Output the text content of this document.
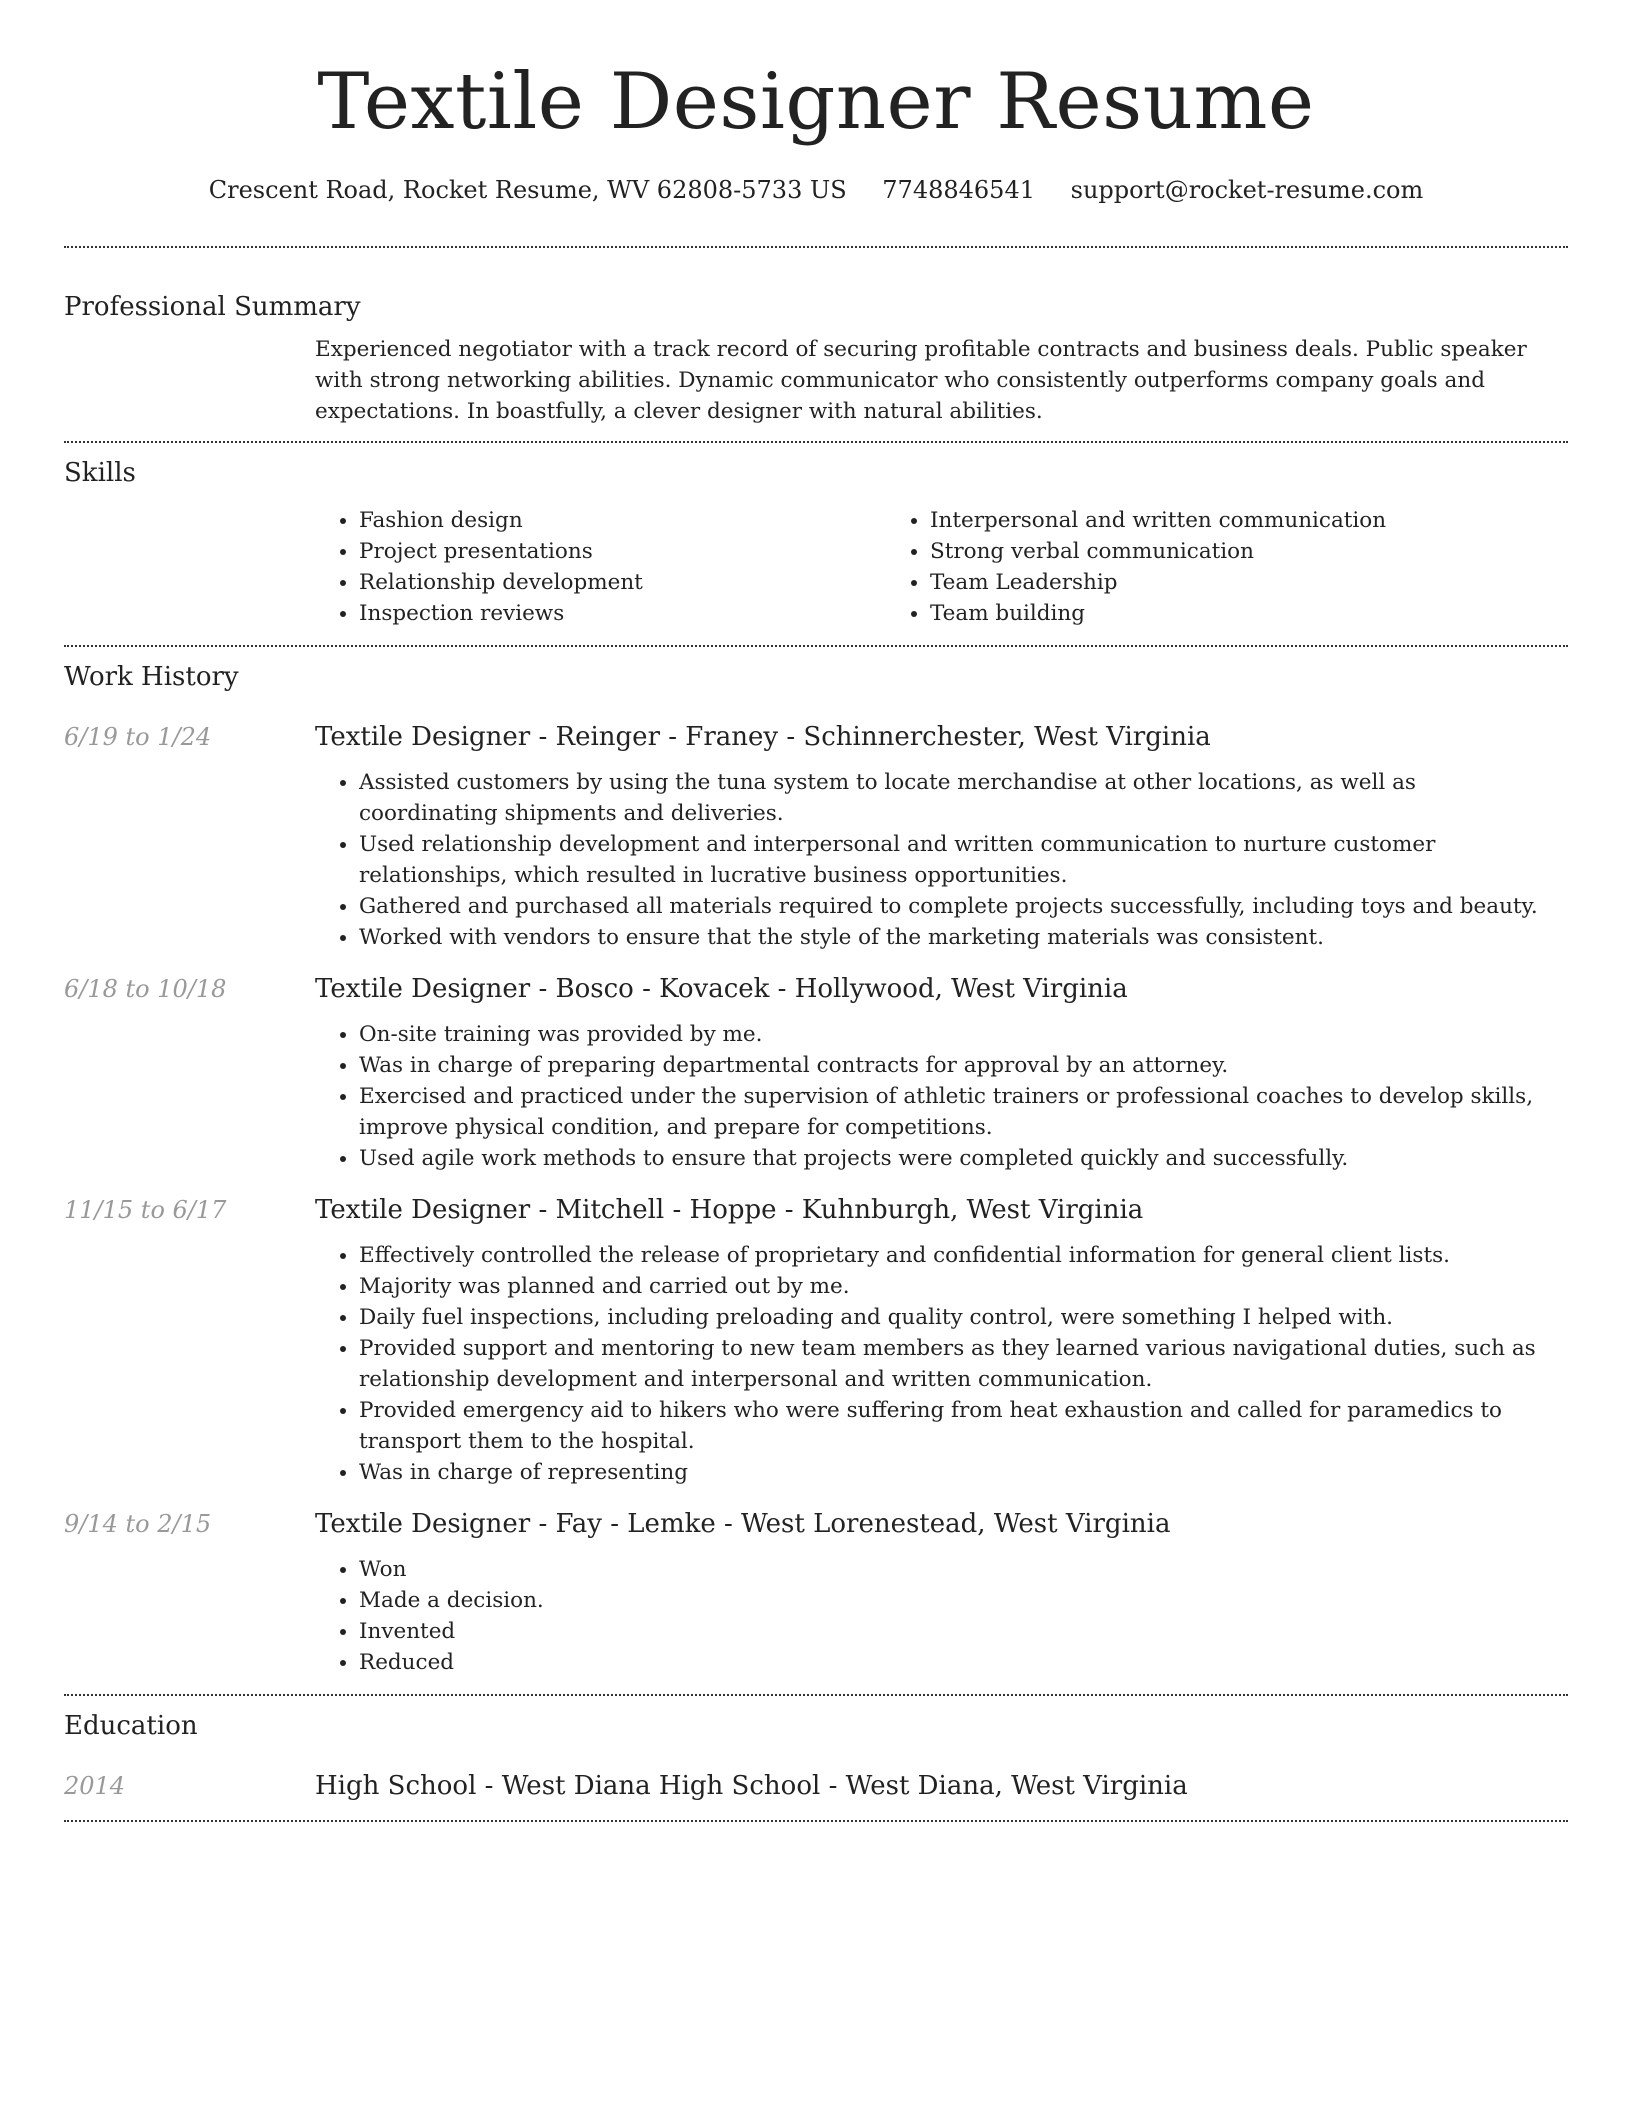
Textile Designer Resume
Crescent Road, Rocket Resume, WV 62808-5733 US 7748846541 support@rocket-resume.com
Professional Summary
Experienced negotiator with a track record of securing profitable contracts and business deals. Public speaker with strong networking abilities. Dynamic communicator who consistently outperforms company goals and expectations. In boastfully, a clever designer with natural abilities.
Skills
• Fashion design
• Project presentations
• Relationship development
• Inspection reviews
• Interpersonal and written communication
• Strong verbal communication
• Team Leadership
• Team building
Work History
6/19 to 1/24	Textile Designer - Reinger - Franey - Schinnerchester, West Virginia
• Assisted customers by using the tuna system to locate merchandise at other locations, as well as coordinating shipments and deliveries.
• Used relationship development and interpersonal and written communication to nurture customer relationships, which resulted in lucrative business opportunities.
• Gathered and purchased all materials required to complete projects successfully, including toys and beauty.
• Worked with vendors to ensure that the style of the marketing materials was consistent.
6/18 to 10/18	Textile Designer - Bosco - Kovacek - Hollywood, West Virginia
• On-site training was provided by me.
• Was in charge of preparing departmental contracts for approval by an attorney.
• Exercised and practiced under the supervision of athletic trainers or professional coaches to develop skills, improve physical condition, and prepare for competitions.
• Used agile work methods to ensure that projects were completed quickly and successfully.
11/15 to 6/17	Textile Designer - Mitchell - Hoppe - Kuhnburgh, West Virginia
• Effectively controlled the release of proprietary and confidential information for general client lists.
• Majority was planned and carried out by me.
• Daily fuel inspections, including preloading and quality control, were something I helped with.
• Provided support and mentoring to new team members as they learned various navigational duties, such as relationship development and interpersonal and written communication.
• Provided emergency aid to hikers who were suffering from heat exhaustion and called for paramedics to transport them to the hospital.
• Was in charge of representing
9/14 to 2/15	Textile Designer - Fay - Lemke - West Lorenestead, West Virginia
• Won
• Made a decision.
• Invented
• Reduced
Education
2014	High School - West Diana High School - West Diana, West Virginia
